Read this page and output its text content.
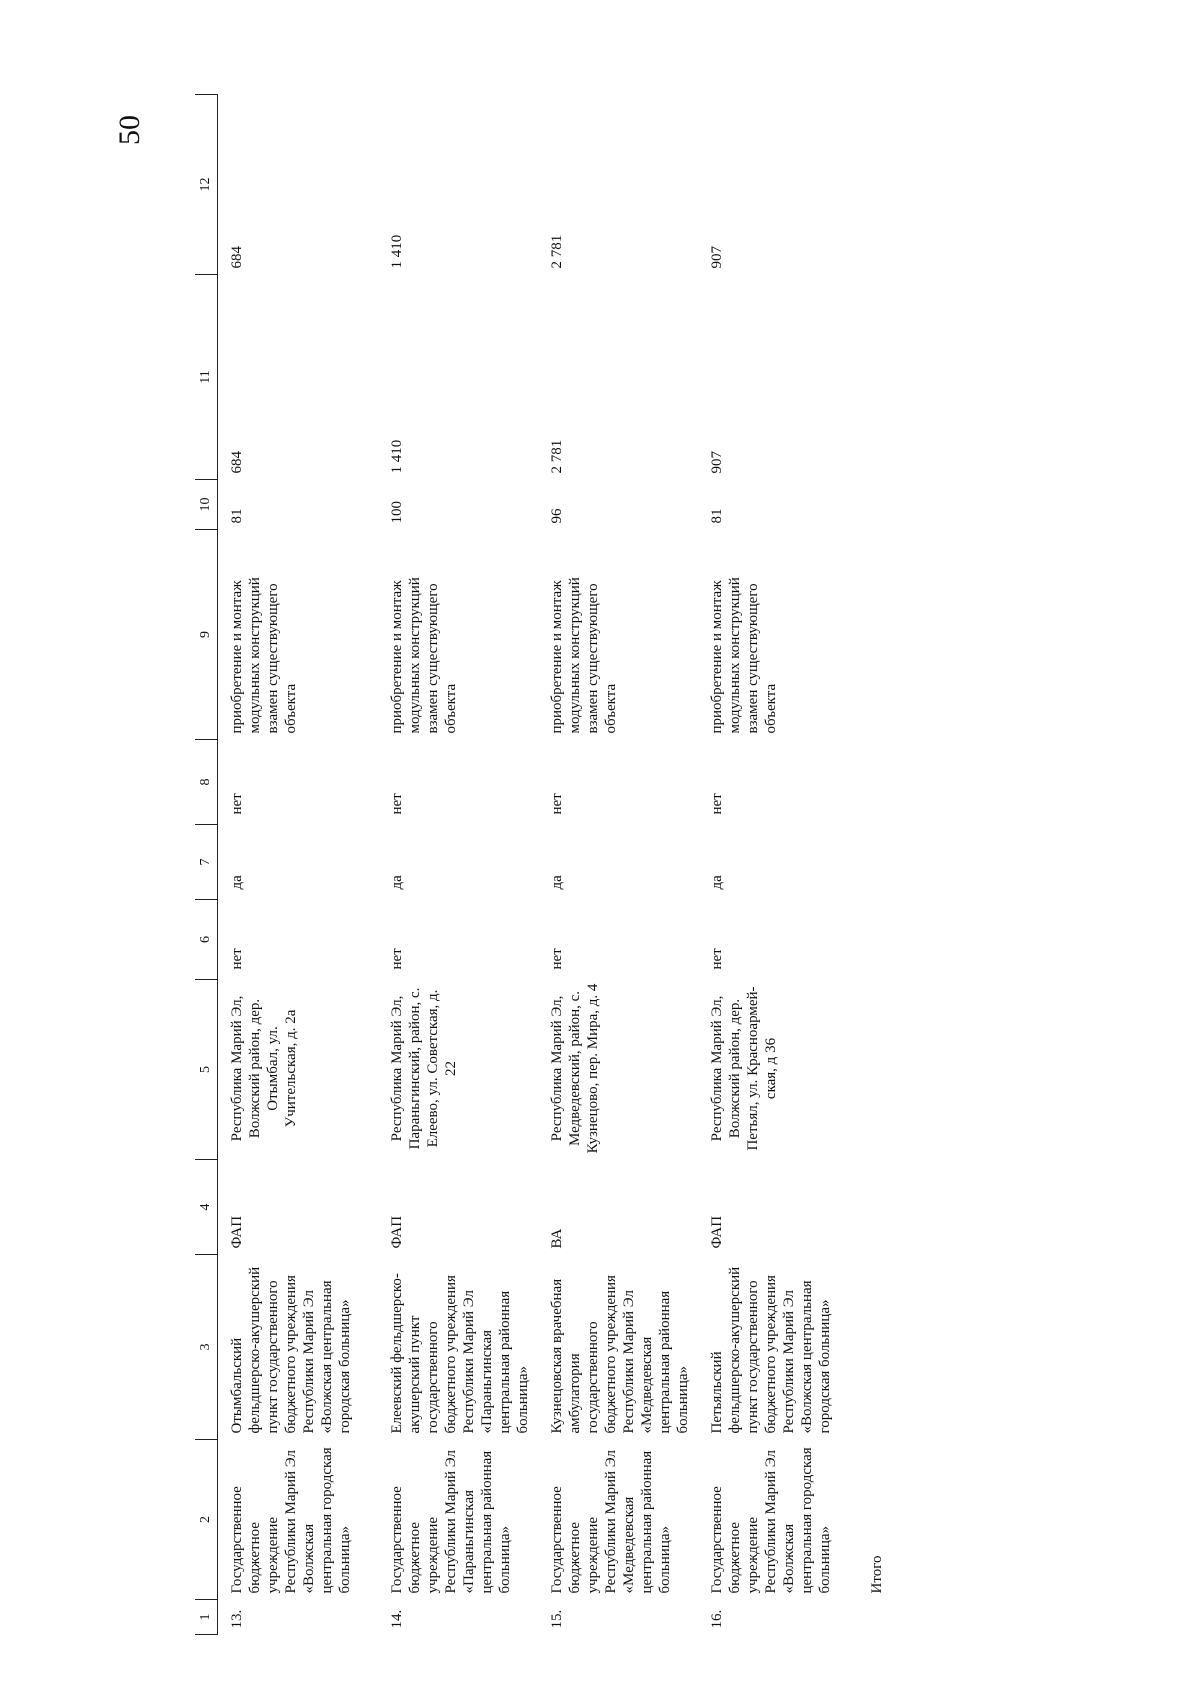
50
1	2	3	4	5	6	7	8	9	10	11	12
13.	Государственное бюджетное учреждение Республики Марий Эл «Волжская центральная городская больница»	Отымбальский фельдшерско-акушерский пункт государственного бюджетного учреждения Республики Марий Эл «Волжская центральная городская больница»	ФАП	Республика Марий Эл, Волжский район, дер. Отымбал, ул. Учительская, д. 2а	нет	да	нет	приобретение и монтаж модульных конструкций взамен существующего объекта	81	684	684
14.	Государственное бюджетное учреждение Республики Марий Эл «Параньгинская центральная районная больница»	Елеевский фельдшерско-акушерский пункт государственного бюджетного учреждения Республики Марий Эл «Параньгинская центральная районная больница»	ФАП	Республика Марий Эл, Параньгинский, район, с. Елеево, ул. Советская, д. 22	нет	да	нет	приобретение и монтаж модульных конструкций взамен существующего объекта	100	1 410	1 410
15.	Государственное бюджетное учреждение Республики Марий Эл «Медведевская центральная районная больница»	Кузнецовская врачебная амбулатория государственного бюджетного учреждения Республики Марий Эл «Медведевская центральная районная больница»	ВА	Республика Марий Эл, Медведевский, район, с. Кузнецово, пер. Мира, д. 4	нет	да	нет	приобретение и монтаж модульных конструкций взамен существующего объекта	96	2 781	2 781
16.	Государственное бюджетное учреждение Республики Марий Эл «Волжская центральная городская больница»	Петьяльский фельдшерско-акушерский пункт государственного бюджетного учреждения Республики Марий Эл «Волжская центральная городская больница»	ФАП	Республика Марий Эл, Волжский район, дер. Петьял, ул. Красноармей-ская, д 36	нет	да	нет	приобретение и монтаж модульных конструкций взамен существующего объекта	81	907	907
	Итого										
